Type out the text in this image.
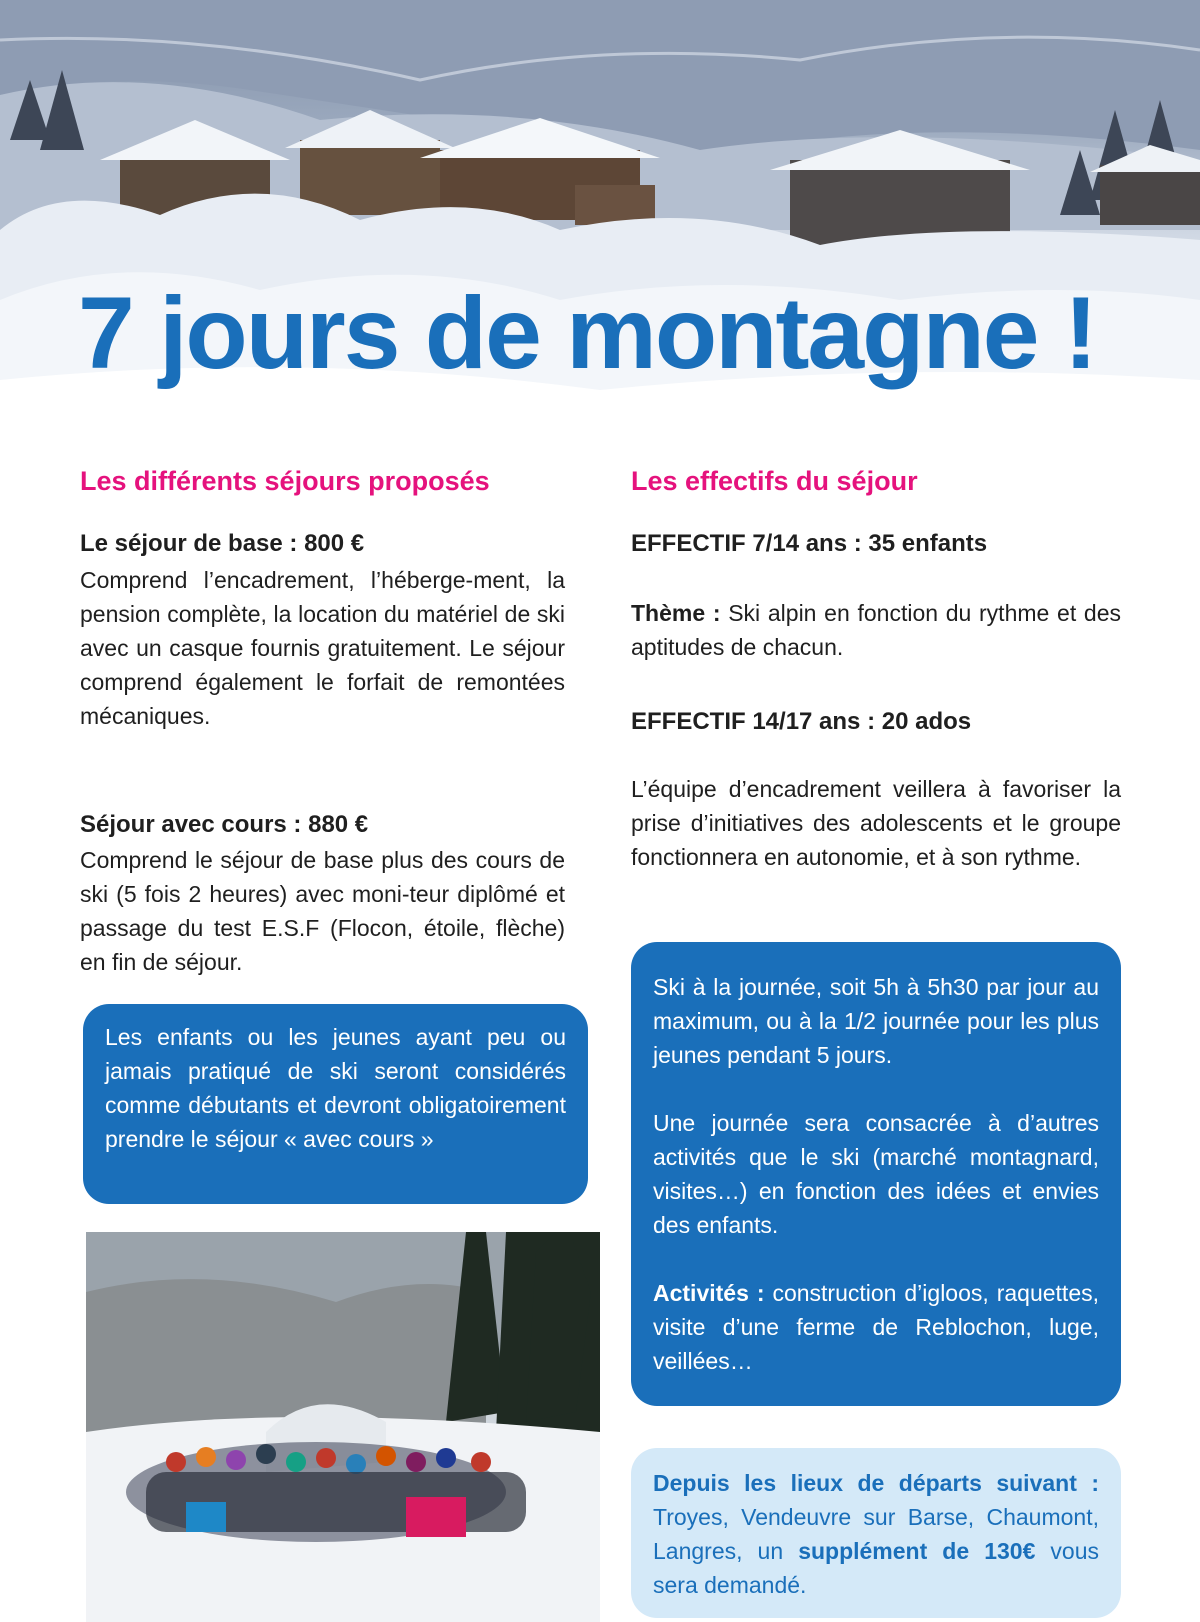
7 jours de montagne !
Les différents séjours proposés
Le séjour de base : 800 €
Comprend l’encadrement, l’héberge-ment, la pension complète, la location du matériel de ski avec un casque fournis gratuitement. Le séjour comprend également le forfait de remontées mécaniques.
Séjour avec cours : 880 €
Comprend le séjour de base plus des cours de ski (5 fois 2 heures) avec moni-teur diplômé et passage du test E.S.F (Flocon, étoile, flèche) en fin de séjour.
Les enfants ou les jeunes ayant peu ou jamais pratiqué de ski seront considérés comme débutants et devront obligatoirement prendre le séjour « avec cours »
Les effectifs du séjour
EFFECTIF 7/14 ans : 35 enfants
Thème : Ski alpin en fonction du rythme et des aptitudes de chacun.
EFFECTIF 14/17 ans : 20 ados
L’équipe d’encadrement veillera à favoriser la prise d’initiatives des adolescents et le groupe fonctionnera en autonomie, et à son rythme.
Ski à la journée, soit 5h à 5h30 par jour au maximum, ou à la 1/2 journée pour les plus jeunes pendant 5 jours.
Une journée sera consacrée à d’autres activités que le ski (marché montagnard, visites…) en fonction des idées et envies des enfants.
Activités : construction d’igloos, raquettes, visite d’une ferme de Reblochon, luge, veillées…
Depuis les lieux de départs suivant : Troyes, Vendeuvre sur Barse, Chaumont, Langres, un supplément de 130€ vous sera demandé.
